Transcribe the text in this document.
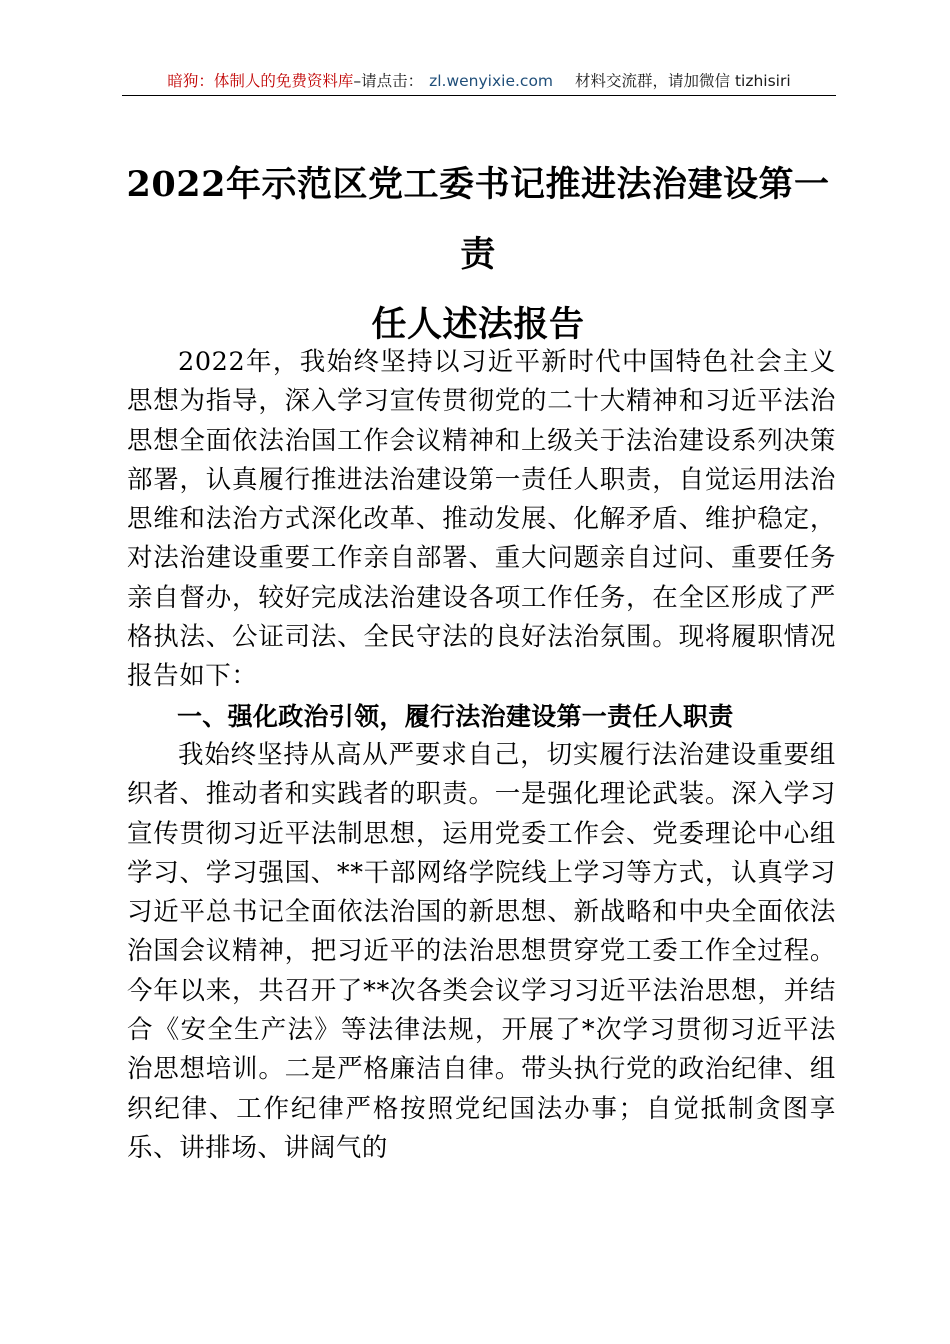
暗狗：体制人的免费资料库–请点击： zl.wenyixie.com 材料交流群，请加微信 tizhisiri
2022年示范区党工委书记推进法治建设第一责
任人述法报告

2022年，我始终坚持以习近平新时代中国特色社会主义思想为指导，深入学习宣传贯彻党的二十大精神和习近平法治思想全面依法治国工作会议精神和上级关于法治建设系列决策部署，认真履行推进法治建设第一责任人职责，自觉运用法治思维和法治方式深化改革、推动发展、化解矛盾、维护稳定，对法治建设重要工作亲自部署、重大问题亲自过问、重要任务亲自督办，较好完成法治建设各项工作任务，在全区形成了严格执法、公证司法、全民守法的良好法治氛围。现将履职情况报告如下：

一、强化政治引领，履行法治建设第一责任人职责

我始终坚持从高从严要求自己，切实履行法治建设重要组织者、推动者和实践者的职责。一是强化理论武装。深入学习宣传贯彻习近平法制思想，运用党委工作会、党委理论中心组学习、学习强国、**干部网络学院线上学习等方式，认真学习习近平总书记全面依法治国的新思想、新战略和中央全面依法治国会议精神，把习近平的法治思想贯穿党工委工作全过程。今年以来，共召开了**次各类会议学习习近平法治思想，并结合《安全生产法》等法律法规，开展了*次学习贯彻习近平法治思想培训。二是严格廉洁自律。带头执行党的政治纪律、组织纪律、工作纪律严格按照党纪国法办事；自觉抵制贪图享乐、讲排场、讲阔气的
